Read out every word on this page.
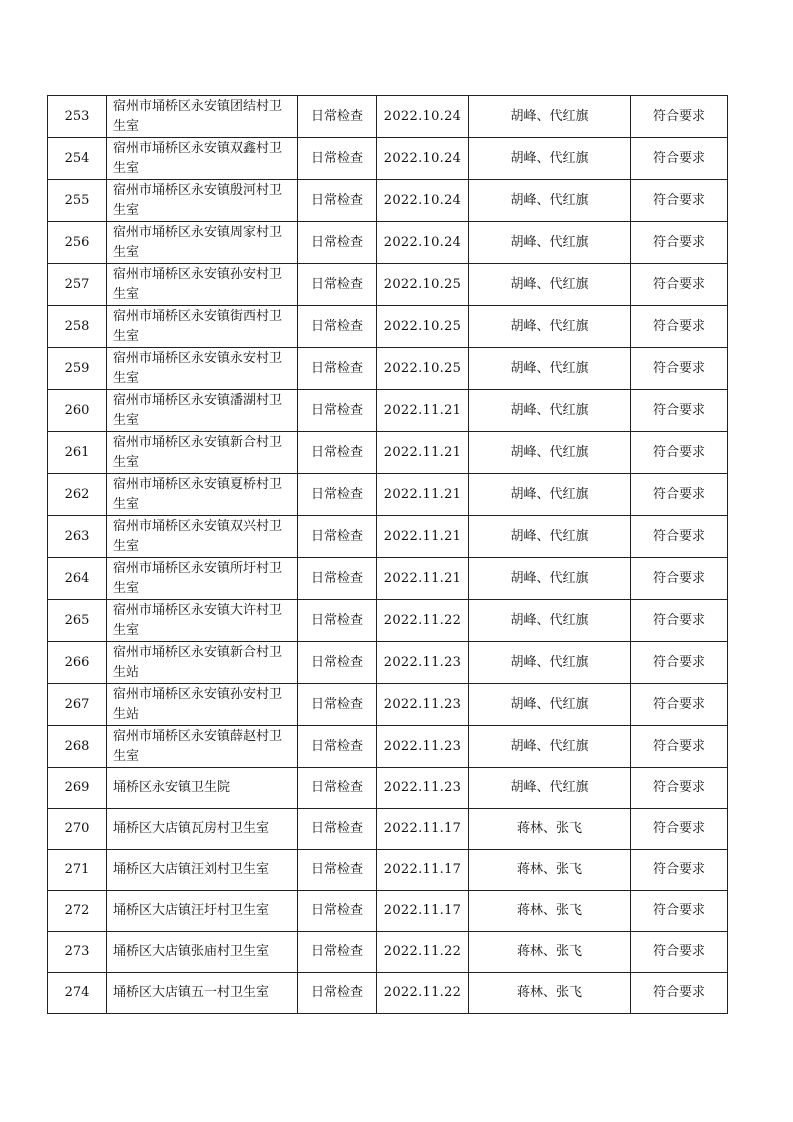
253	宿州市埇桥区永安镇团结村卫生室	日常检查	2022.10.24	胡峰、代红旗	符合要求
254	宿州市埇桥区永安镇双鑫村卫生室	日常检查	2022.10.24	胡峰、代红旗	符合要求
255	宿州市埇桥区永安镇殷河村卫生室	日常检查	2022.10.24	胡峰、代红旗	符合要求
256	宿州市埇桥区永安镇周家村卫生室	日常检查	2022.10.24	胡峰、代红旗	符合要求
257	宿州市埇桥区永安镇孙安村卫生室	日常检查	2022.10.25	胡峰、代红旗	符合要求
258	宿州市埇桥区永安镇街西村卫生室	日常检查	2022.10.25	胡峰、代红旗	符合要求
259	宿州市埇桥区永安镇永安村卫生室	日常检查	2022.10.25	胡峰、代红旗	符合要求
260	宿州市埇桥区永安镇潘湖村卫生室	日常检查	2022.11.21	胡峰、代红旗	符合要求
261	宿州市埇桥区永安镇新合村卫生室	日常检查	2022.11.21	胡峰、代红旗	符合要求
262	宿州市埇桥区永安镇夏桥村卫生室	日常检查	2022.11.21	胡峰、代红旗	符合要求
263	宿州市埇桥区永安镇双兴村卫生室	日常检查	2022.11.21	胡峰、代红旗	符合要求
264	宿州市埇桥区永安镇所圩村卫生室	日常检查	2022.11.21	胡峰、代红旗	符合要求
265	宿州市埇桥区永安镇大许村卫生室	日常检查	2022.11.22	胡峰、代红旗	符合要求
266	宿州市埇桥区永安镇新合村卫生站	日常检查	2022.11.23	胡峰、代红旗	符合要求
267	宿州市埇桥区永安镇孙安村卫生站	日常检查	2022.11.23	胡峰、代红旗	符合要求
268	宿州市埇桥区永安镇薛赵村卫生室	日常检查	2022.11.23	胡峰、代红旗	符合要求
269	埇桥区永安镇卫生院	日常检查	2022.11.23	胡峰、代红旗	符合要求
270	埇桥区大店镇瓦房村卫生室	日常检查	2022.11.17	蒋林、张飞	符合要求
271	埇桥区大店镇汪刘村卫生室	日常检查	2022.11.17	蒋林、张飞	符合要求
272	埇桥区大店镇汪圩村卫生室	日常检查	2022.11.17	蒋林、张飞	符合要求
273	埇桥区大店镇张庙村卫生室	日常检查	2022.11.22	蒋林、张飞	符合要求
274	埇桥区大店镇五一村卫生室	日常检查	2022.11.22	蒋林、张飞	符合要求
